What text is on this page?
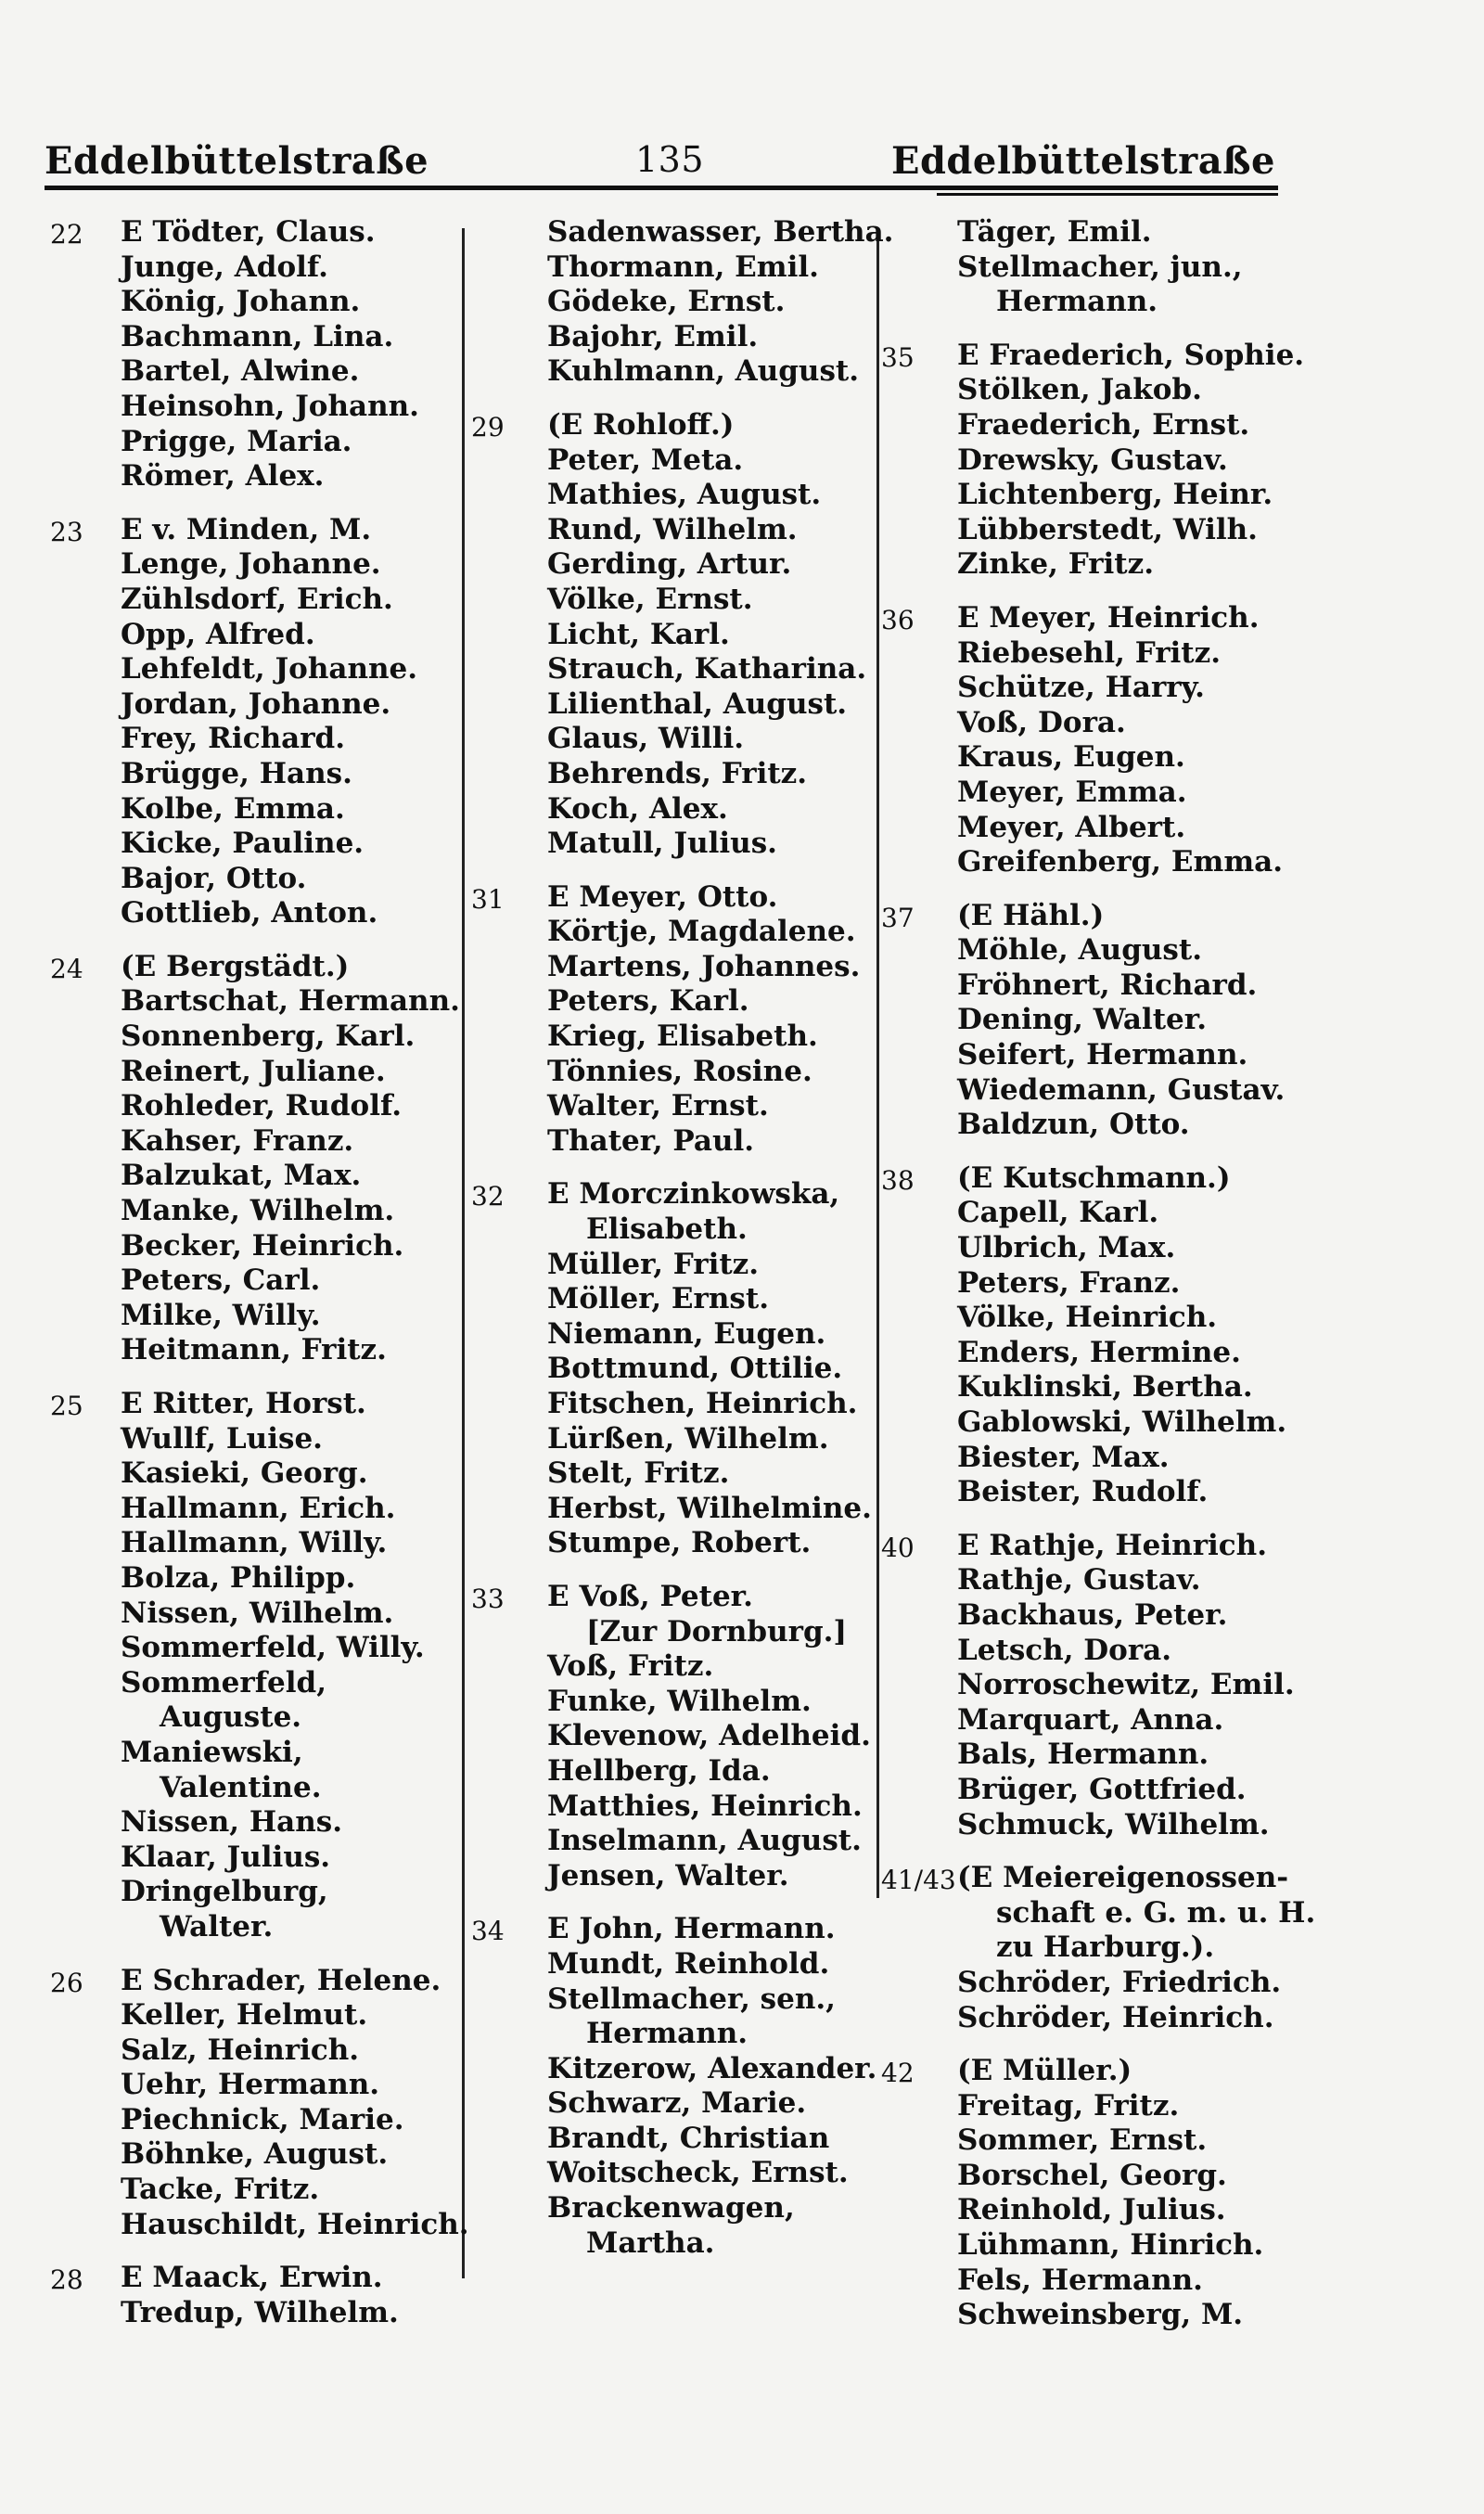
Eddelbüttelstraße	135	Eddelbüttelstraße
22	E Tödter, Claus.
Junge, Adolf.
König, Johann.
Bachmann, Lina.
Bartel, Alwine.
Heinsohn, Johann.
Prigge, Maria.
Römer, Alex.
23	E v. Minden, M.
Lenge, Johanne.
Zühlsdorf, Erich.
Opp, Alfred.
Lehfeldt, Johanne.
Jordan, Johanne.
Frey, Richard.
Brügge, Hans.
Kolbe, Emma.
Kicke, Pauline.
Bajor, Otto.
Gottlieb, Anton.
24	(E Bergstädt.)
Bartschat, Hermann.
Sonnenberg, Karl.
Reinert, Juliane.
Rohleder, Rudolf.
Kahser, Franz.
Balzukat, Max.
Manke, Wilhelm.
Becker, Heinrich.
Peters, Carl.
Milke, Willy.
Heitmann, Fritz.
25	E Ritter, Horst.
Wullf, Luise.
Kasieki, Georg.
Hallmann, Erich.
Hallmann, Willy.
Bolza, Philipp.
Nissen, Wilhelm.
Sommerfeld, Willy.
Sommerfeld,
Auguste.
Maniewski,
Valentine.
Nissen, Hans.
Klaar, Julius.
Dringelburg,
Walter.
26	E Schrader, Helene.
Keller, Helmut.
Salz, Heinrich.
Uehr, Hermann.
Piechnick, Marie.
Böhnke, August.
Tacke, Fritz.
Hauschildt, Heinrich.
28	E Maack, Erwin.
Tredup, Wilhelm.
Sadenwasser, Bertha.
Thormann, Emil.
Gödeke, Ernst.
Bajohr, Emil.
Kuhlmann, August.
29	(E Rohloff.)
Peter, Meta.
Mathies, August.
Rund, Wilhelm.
Gerding, Artur.
Völke, Ernst.
Licht, Karl.
Strauch, Katharina.
Lilienthal, August.
Glaus, Willi.
Behrends, Fritz.
Koch, Alex.
Matull, Julius.
31	E Meyer, Otto.
Körtje, Magdalene.
Martens, Johannes.
Peters, Karl.
Krieg, Elisabeth.
Tönnies, Rosine.
Walter, Ernst.
Thater, Paul.
32	E Morczinkowska,
Elisabeth.
Müller, Fritz.
Möller, Ernst.
Niemann, Eugen.
Bottmund, Ottilie.
Fitschen, Heinrich.
Lürßen, Wilhelm.
Stelt, Fritz.
Herbst, Wilhelmine.
Stumpe, Robert.
33	E Voß, Peter.
[Zur Dornburg.]
Voß, Fritz.
Funke, Wilhelm.
Klevenow, Adelheid.
Hellberg, Ida.
Matthies, Heinrich.
Inselmann, August.
Jensen, Walter.
34	E John, Hermann.
Mundt, Reinhold.
Stellmacher, sen.,
Hermann.
Kitzerow, Alexander.
Schwarz, Marie.
Brandt, Christian
Woitscheck, Ernst.
Brackenwagen,
Martha.
Täger, Emil.
Stellmacher, jun.,
Hermann.
35	E Fraederich, Sophie.
Stölken, Jakob.
Fraederich, Ernst.
Drewsky, Gustav.
Lichtenberg, Heinr.
Lübberstedt, Wilh.
Zinke, Fritz.
36	E Meyer, Heinrich.
Riebesehl, Fritz.
Schütze, Harry.
Voß, Dora.
Kraus, Eugen.
Meyer, Emma.
Meyer, Albert.
Greifenberg, Emma.
37	(E Hähl.)
Möhle, August.
Fröhnert, Richard.
Dening, Walter.
Seifert, Hermann.
Wiedemann, Gustav.
Baldzun, Otto.
38	(E Kutschmann.)
Capell, Karl.
Ulbrich, Max.
Peters, Franz.
Völke, Heinrich.
Enders, Hermine.
Kuklinski, Bertha.
Gablowski, Wilhelm.
Biester, Max.
Beister, Rudolf.
40	E Rathje, Heinrich.
Rathje, Gustav.
Backhaus, Peter.
Letsch, Dora.
Norroschewitz, Emil.
Marquart, Anna.
Bals, Hermann.
Brüger, Gottfried.
Schmuck, Wilhelm.
41/43 (E Meiereigenossen-
schaft e. G. m. u. H.
zu Harburg.).
Schröder, Friedrich.
Schröder, Heinrich.
42	(E Müller.)
Freitag, Fritz.
Sommer, Ernst.
Borschel, Georg.
Reinhold, Julius.
Lühmann, Hinrich.
Fels, Hermann.
Schweinsberg, M.
